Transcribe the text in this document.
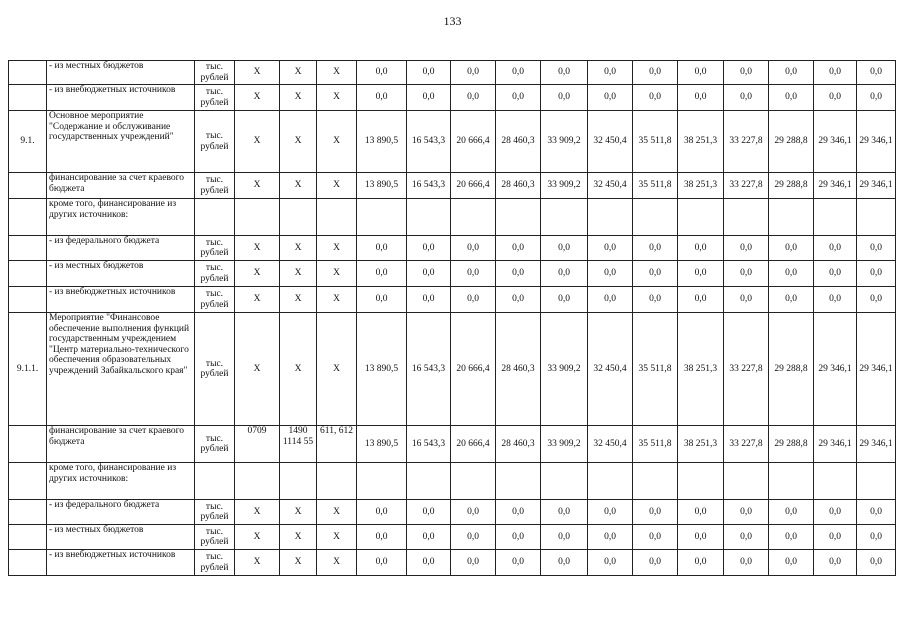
133
	- из местных бюджетов	тыс. рублей	Х	Х	Х	0,0	0,0	0,0	0,0	0,0	0,0	0,0	0,0	0,0	0,0	0,0	0,0
	- из внебюджетных источников	тыс. рублей	Х	Х	Х	0,0	0,0	0,0	0,0	0,0	0,0	0,0	0,0	0,0	0,0	0,0	0,0
9.1.	Основное мероприятие "Содержание и обслуживание государственных учреждений"	тыс. рублей	Х	Х	Х	13 890,5	16 543,3	20 666,4	28 460,3	33 909,2	32 450,4	35 511,8	38 251,3	33 227,8	29 288,8	29 346,1	29 346,1
	финансирование за счет краевого бюджета	тыс. рублей	Х	Х	Х	13 890,5	16 543,3	20 666,4	28 460,3	33 909,2	32 450,4	35 511,8	38 251,3	33 227,8	29 288,8	29 346,1	29 346,1
	кроме того, финансирование из других источников:																
	- из федерального бюджета	тыс. рублей	Х	Х	Х	0,0	0,0	0,0	0,0	0,0	0,0	0,0	0,0	0,0	0,0	0,0	0,0
	- из местных бюджетов	тыс. рублей	Х	Х	Х	0,0	0,0	0,0	0,0	0,0	0,0	0,0	0,0	0,0	0,0	0,0	0,0
	- из внебюджетных источников	тыс. рублей	Х	Х	Х	0,0	0,0	0,0	0,0	0,0	0,0	0,0	0,0	0,0	0,0	0,0	0,0
9.1.1.	Мероприятие "Финансовое обеспечение выполнения функций государственным учреждением "Центр материально-технического обеспечения образовательных учреждений Забайкальского края"	тыс. рублей	Х	Х	Х	13 890,5	16 543,3	20 666,4	28 460,3	33 909,2	32 450,4	35 511,8	38 251,3	33 227,8	29 288,8	29 346,1	29 346,1
	финансирование за счет краевого бюджета	тыс. рублей	0709	1490 1114 55	611, 612	13 890,5	16 543,3	20 666,4	28 460,3	33 909,2	32 450,4	35 511,8	38 251,3	33 227,8	29 288,8	29 346,1	29 346,1
	кроме того, финансирование из других источников:																
	- из федерального бюджета	тыс. рублей	Х	Х	Х	0,0	0,0	0,0	0,0	0,0	0,0	0,0	0,0	0,0	0,0	0,0	0,0
	- из местных бюджетов	тыс. рублей	Х	Х	Х	0,0	0,0	0,0	0,0	0,0	0,0	0,0	0,0	0,0	0,0	0,0	0,0
	- из внебюджетных источников	тыс. рублей	Х	Х	Х	0,0	0,0	0,0	0,0	0,0	0,0	0,0	0,0	0,0	0,0	0,0	0,0
